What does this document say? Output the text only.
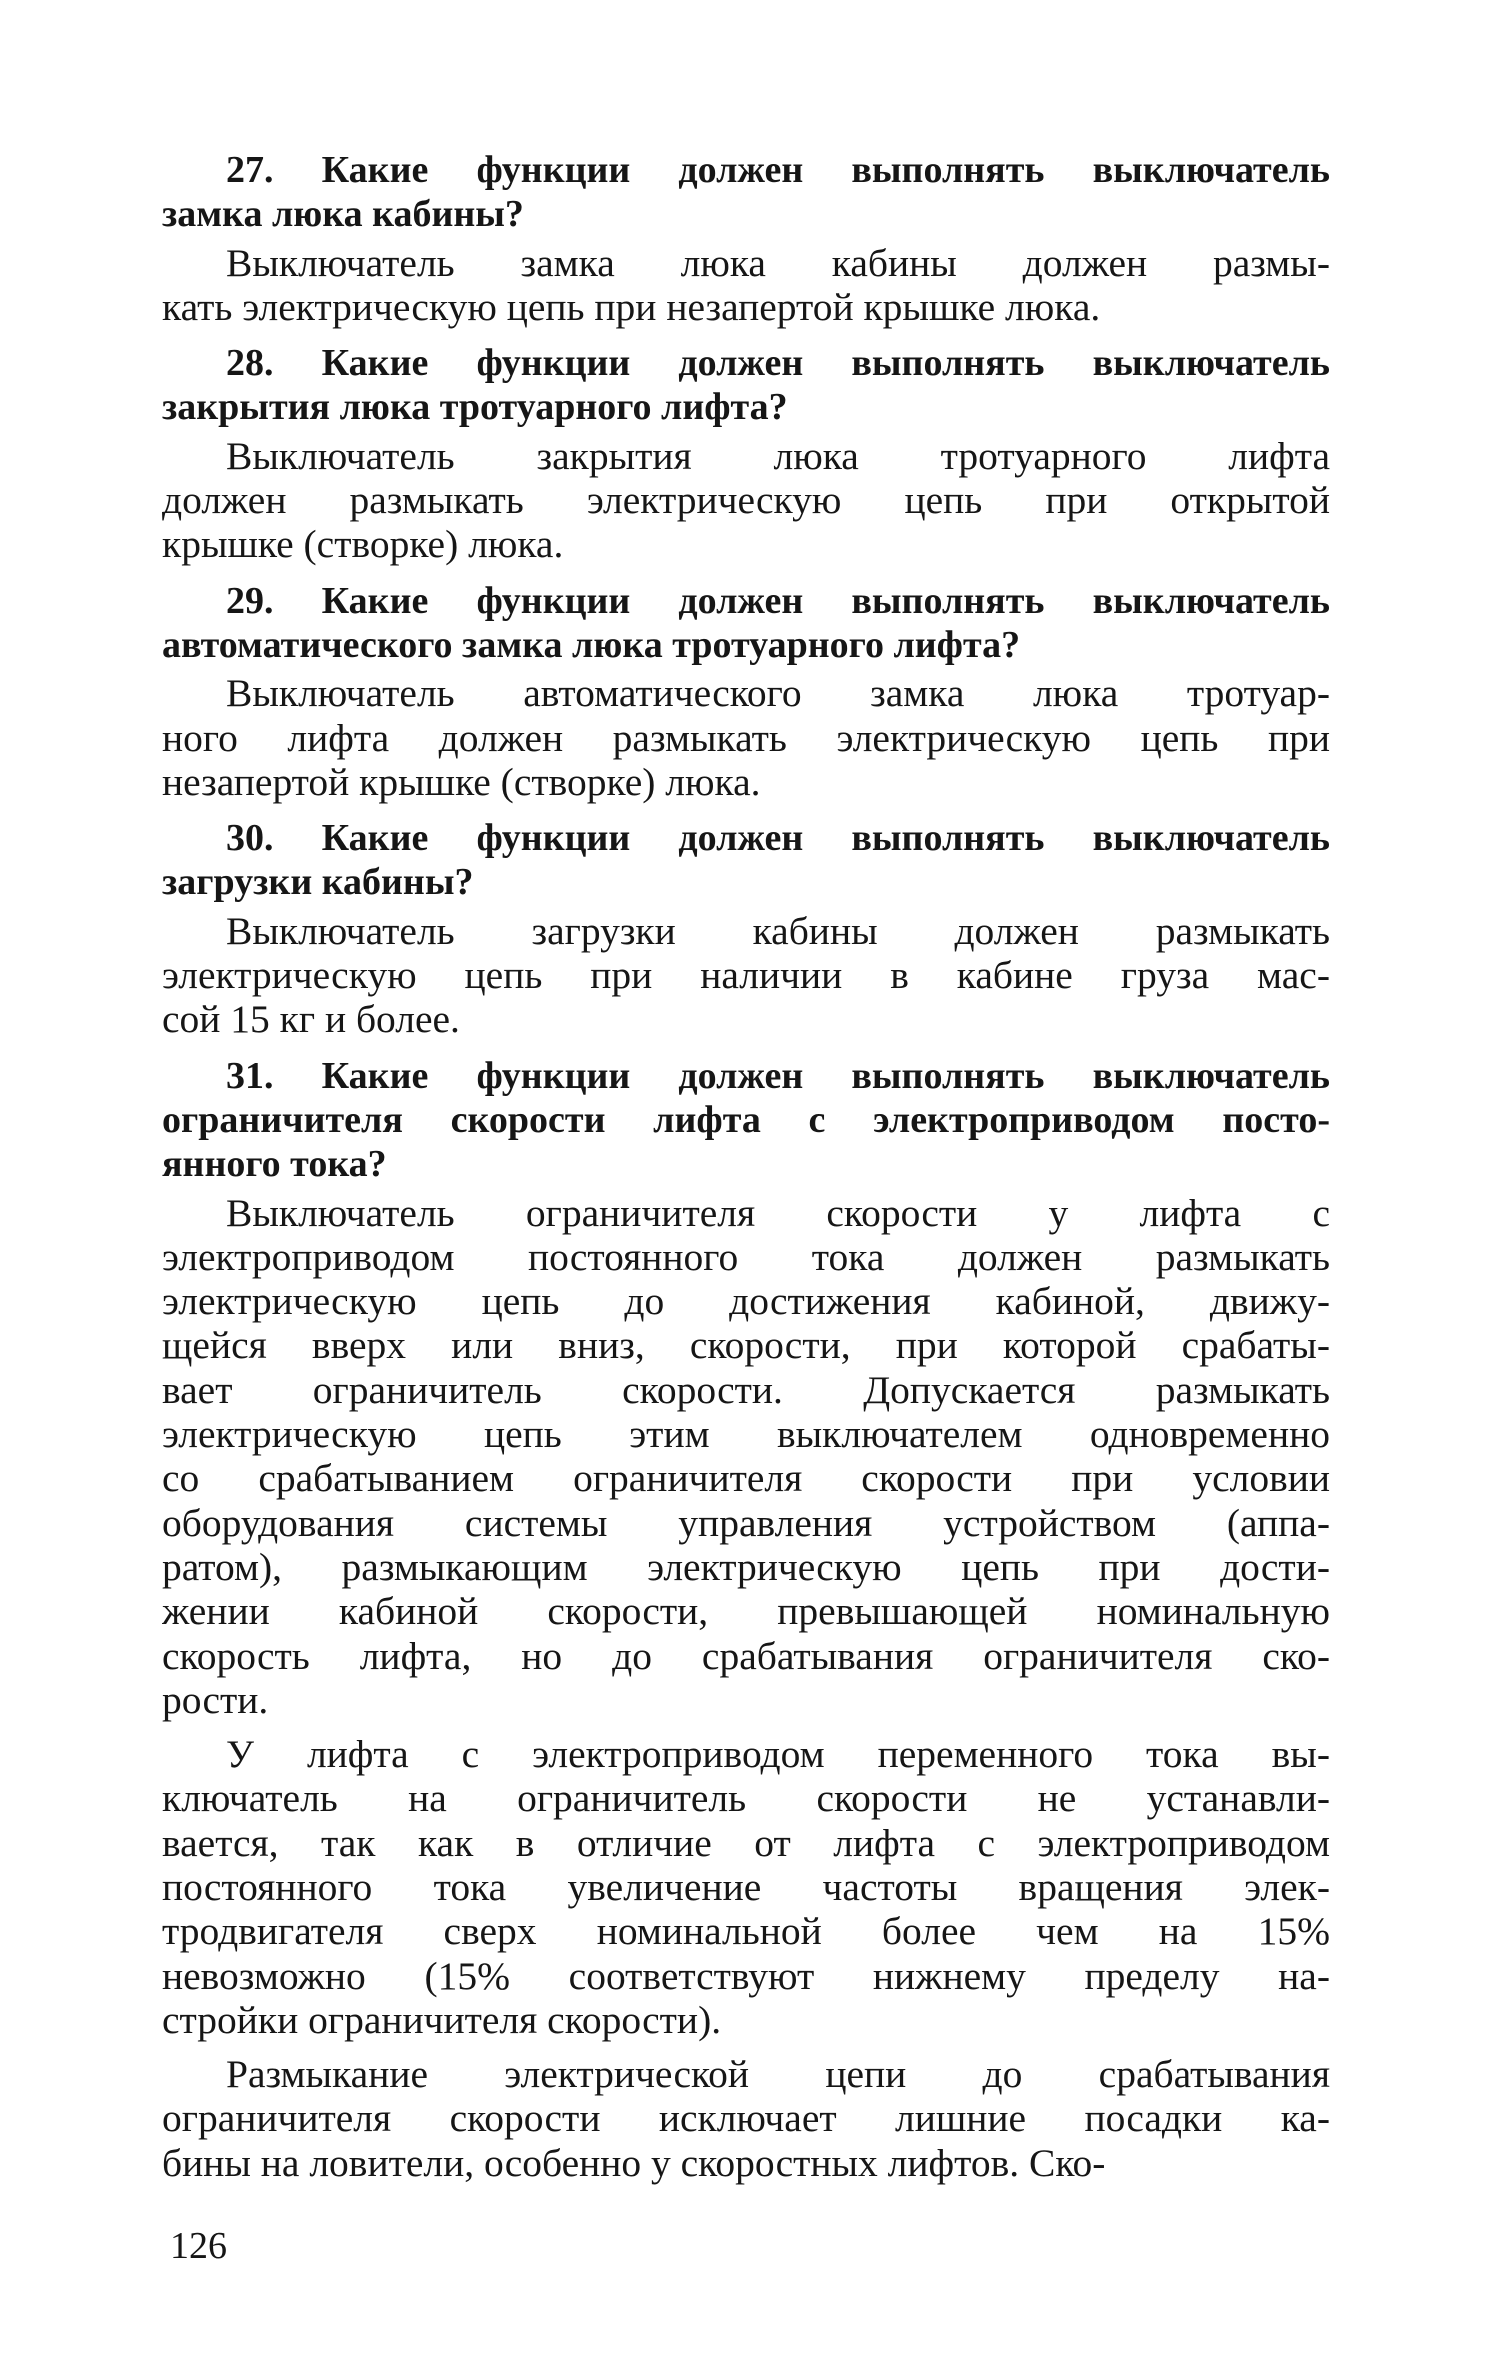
27. Какие функции должен выполнять выключатель
замка люка кабины?
Выключатель замка люка кабины должен размы-
кать электрическую цепь при незапертой крышке люка.
28. Какие функции должен выполнять выключатель
закрытия люка тротуарного лифта?
Выключатель закрытия люка тротуарного лифта
должен размыкать электрическую цепь при открытой
крышке (створке) люка.
29. Какие функции должен выполнять выключатель
автоматического замка люка тротуарного лифта?
Выключатель автоматического замка люка тротуар-
ного лифта должен размыкать электрическую цепь при
незапертой крышке (створке) люка.
30. Какие функции должен выполнять выключатель
загрузки кабины?
Выключатель загрузки кабины должен размыкать
электрическую цепь при наличии в кабине груза мас-
сой 15 кг и более.
31. Какие функции должен выполнять выключатель
ограничителя скорости лифта с электроприводом посто-
янного тока?
Выключатель ограничителя скорости у лифта с
электроприводом постоянного тока должен размыкать
электрическую цепь до достижения кабиной, движу-
щейся вверх или вниз, скорости, при которой срабаты-
вает ограничитель скорости. Допускается размыкать
электрическую цепь этим выключателем одновременно
со срабатыванием ограничителя скорости при условии
оборудования системы управления устройством (аппа-
ратом), размыкающим электрическую цепь при дости-
жении кабиной скорости, превышающей номинальную
скорость лифта, но до срабатывания ограничителя ско-
рости.
У лифта с электроприводом переменного тока вы-
ключатель на ограничитель скорости не устанавли-
вается, так как в отличие от лифта с электроприводом
постоянного тока увеличение частоты вращения элек-
тродвигателя сверх номинальной более чем на 15%
невозможно (15% соответствуют нижнему пределу на-
стройки ограничителя скорости).
Размыкание электрической цепи до срабатывания
ограничителя скорости исключает лишние посадки ка-
бины на ловители, особенно у скоростных лифтов. Ско-
126
